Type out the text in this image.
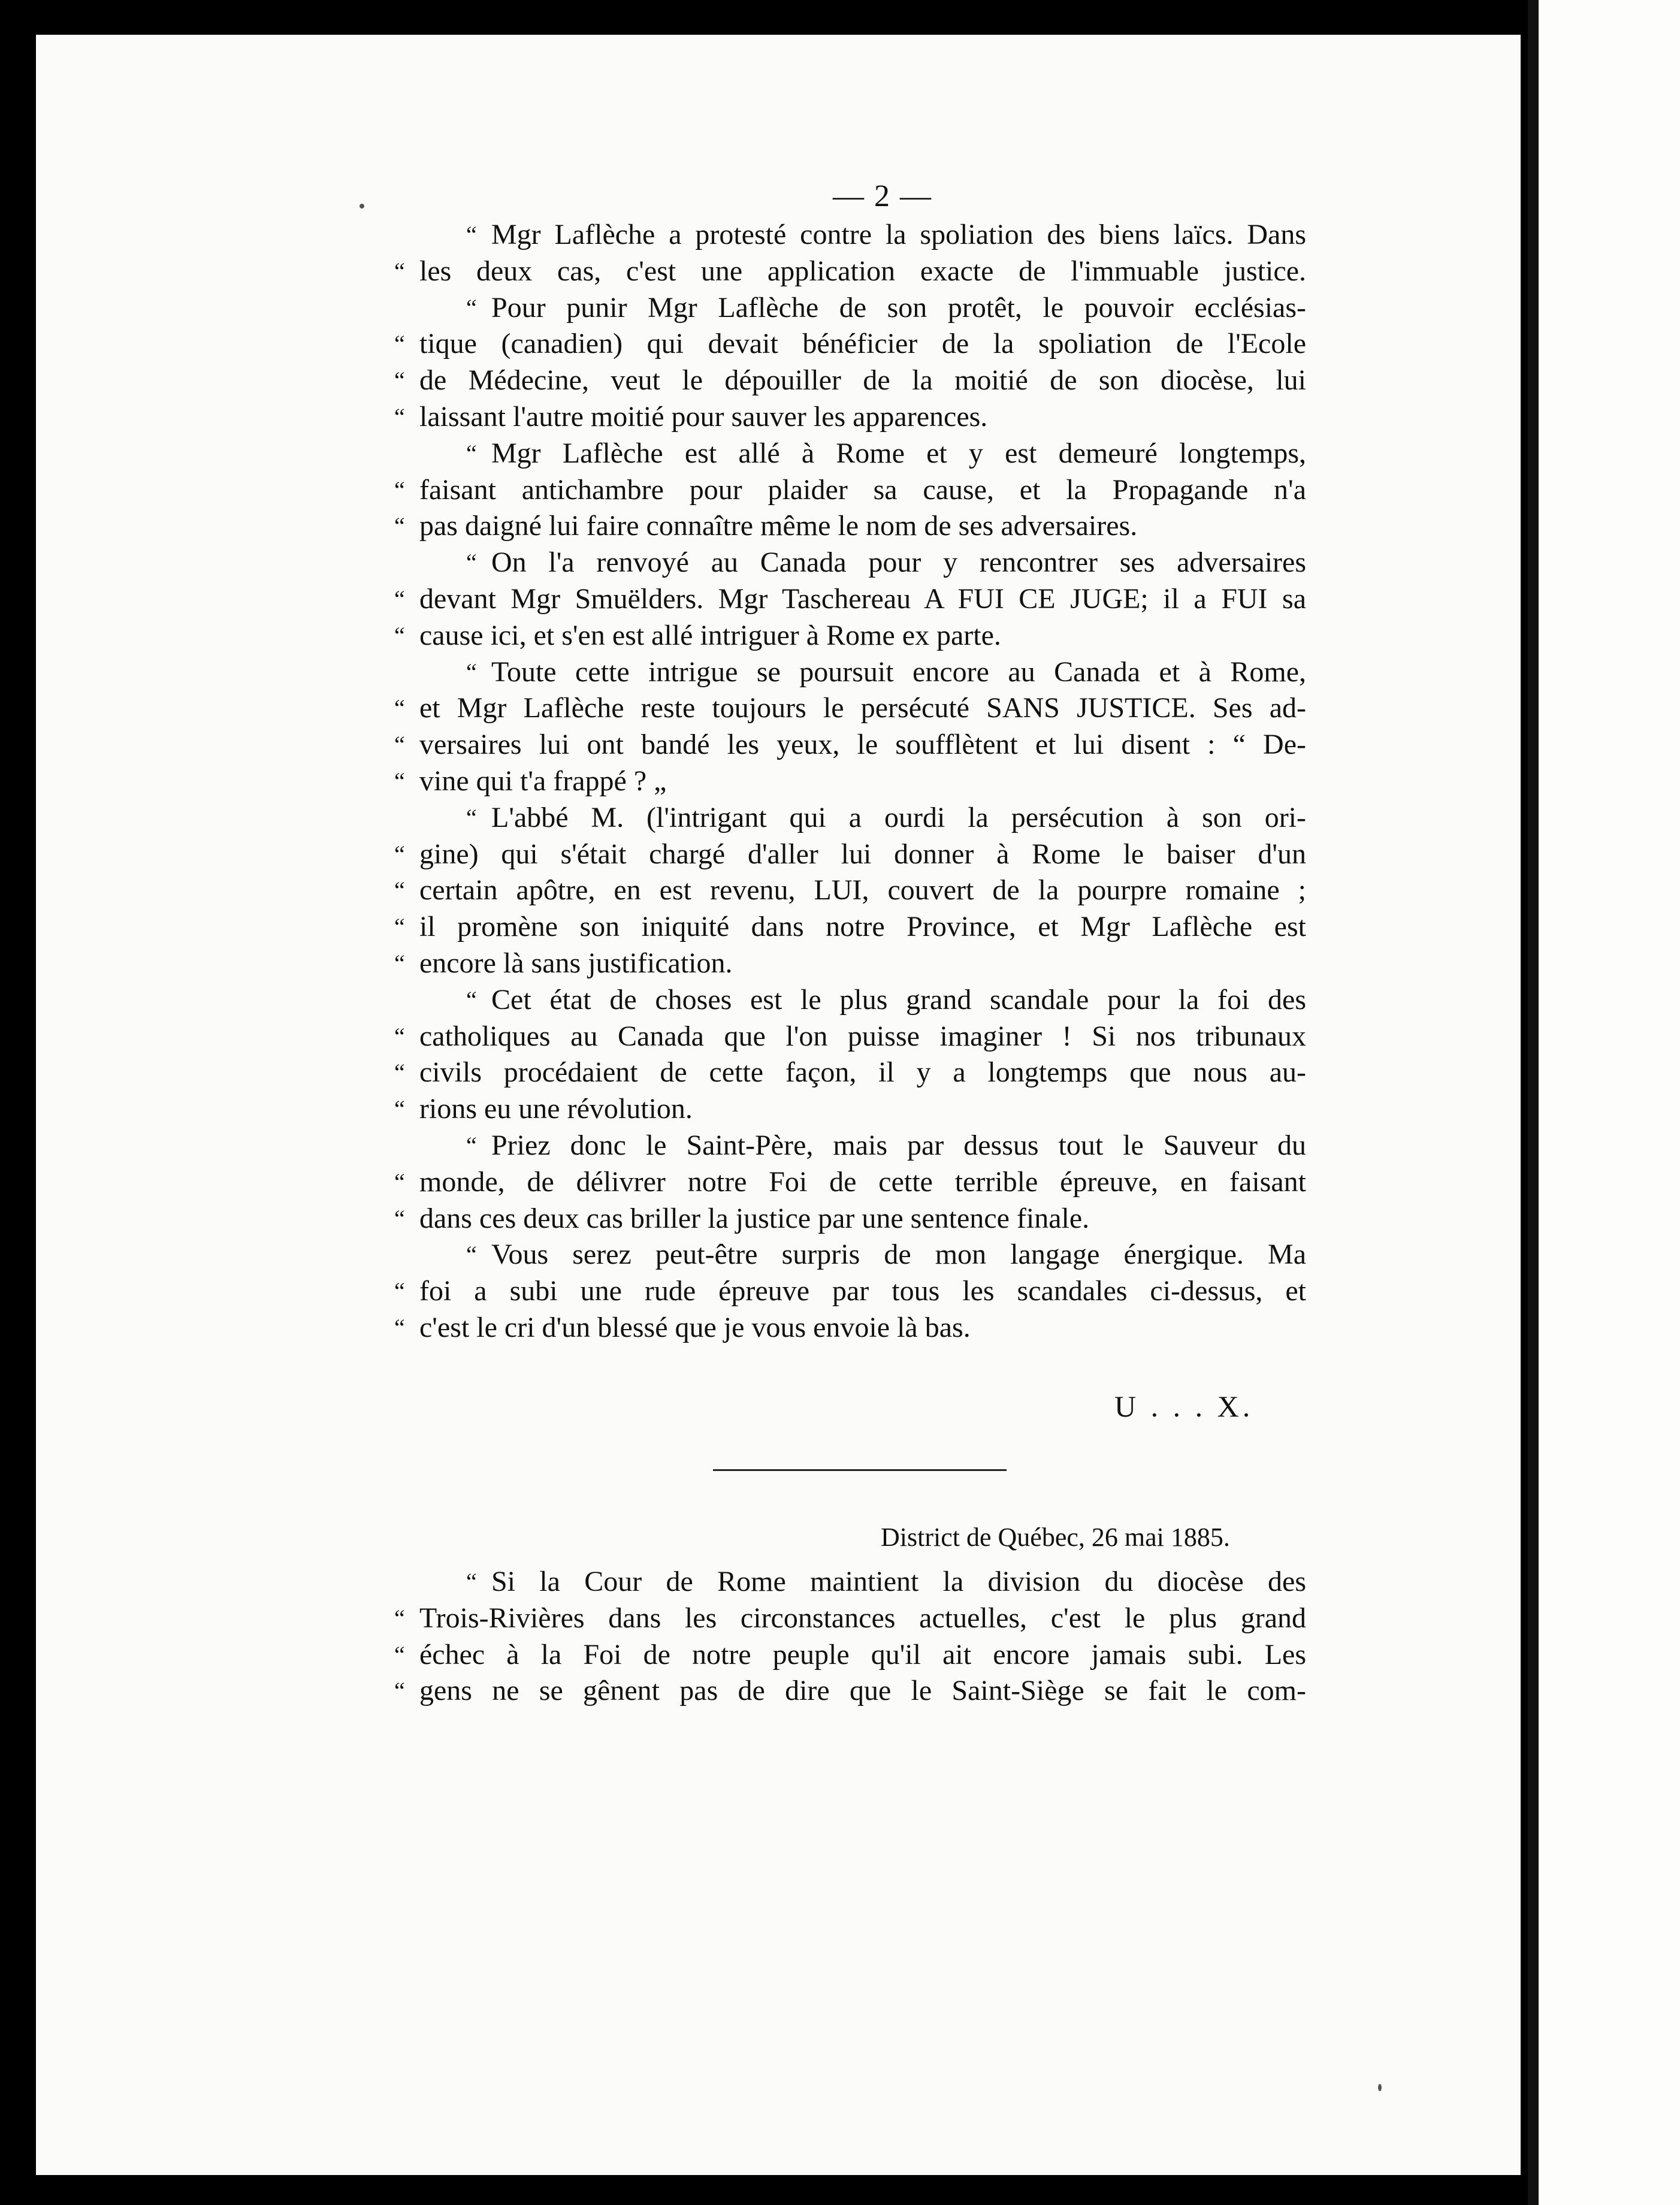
— 2 —
“ Mgr Laflèche a protesté contre la spoliation des biens laïcs. Dans
“ les deux cas, c'est une application exacte de l'immuable justice.
“ Pour punir Mgr Laflèche de son protêt, le pouvoir ecclésias-
“ tique (canadien) qui devait bénéficier de la spoliation de l'Ecole
“ de Médecine, veut le dépouiller de la moitié de son diocèse, lui
“ laissant l'autre moitié pour sauver les apparences.
“ Mgr Laflèche est allé à Rome et y est demeuré longtemps,
“ faisant antichambre pour plaider sa cause, et la Propagande n'a
“ pas daigné lui faire connaître même le nom de ses adversaires.
“ On l'a renvoyé au Canada pour y rencontrer ses adversaires
“ devant Mgr Smuëlders. Mgr Taschereau A FUI CE JUGE; il a FUI sa
“ cause ici, et s'en est allé intriguer à Rome ex parte.
“ Toute cette intrigue se poursuit encore au Canada et à Rome,
“ et Mgr Laflèche reste toujours le persécuté SANS JUSTICE. Ses ad-
“ versaires lui ont bandé les yeux, le soufflètent et lui disent : “ De-
“ vine qui t'a frappé ? „
“ L'abbé M. (l'intrigant qui a ourdi la persécution à son ori-
“ gine) qui s'était chargé d'aller lui donner à Rome le baiser d'un
“ certain apôtre, en est revenu, LUI, couvert de la pourpre romaine ;
“ il promène son iniquité dans notre Province, et Mgr Laflèche est
“ encore là sans justification.
“ Cet état de choses est le plus grand scandale pour la foi des
“ catholiques au Canada que l'on puisse imaginer ! Si nos tribunaux
“ civils procédaient de cette façon, il y a longtemps que nous au-
“ rions eu une révolution.
“ Priez donc le Saint-Père, mais par dessus tout le Sauveur du
“ monde, de délivrer notre Foi de cette terrible épreuve, en faisant
“ dans ces deux cas briller la justice par une sentence finale.
“ Vous serez peut-être surpris de mon langage énergique. Ma
“ foi a subi une rude épreuve par tous les scandales ci-dessus, et
“ c'est le cri d'un blessé que je vous envoie là bas.
U . . . X.
District de Québec, 26 mai 1885.
“ Si la Cour de Rome maintient la division du diocèse des
“ Trois-Rivières dans les circonstances actuelles, c'est le plus grand
“ échec à la Foi de notre peuple qu'il ait encore jamais subi. Les
“ gens ne se gênent pas de dire que le Saint-Siège se fait le com-
